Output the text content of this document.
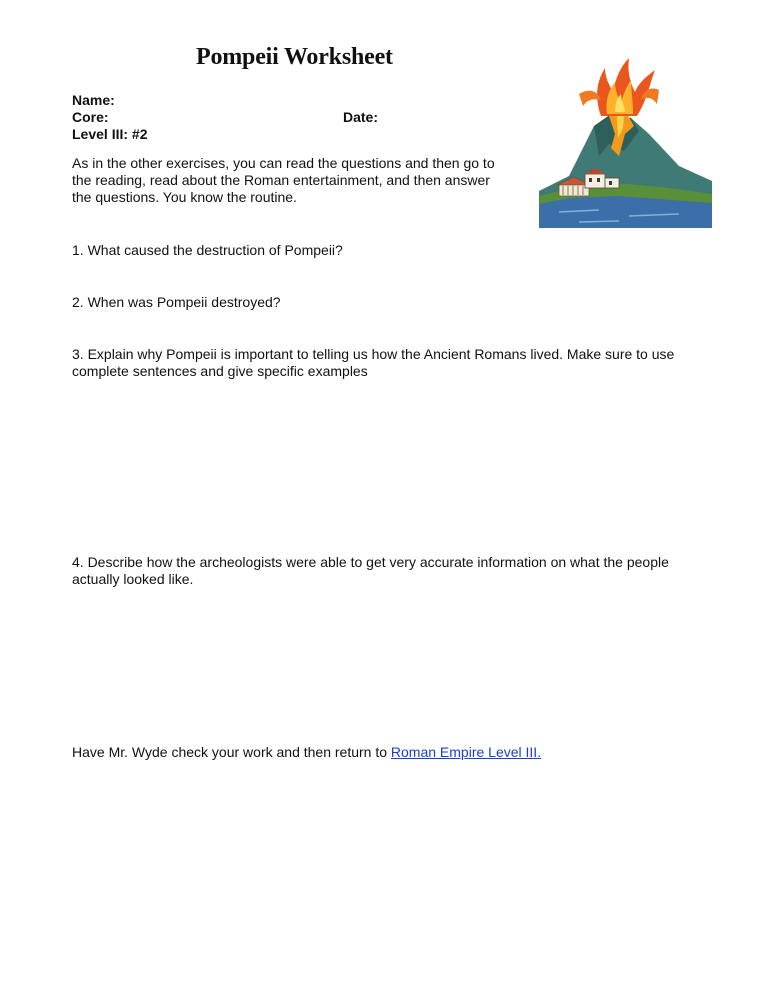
Pompeii Worksheet
Name:
Core:	Date:
Level III: #2
As in the other exercises, you can read the questions and then go to
the reading, read about the Roman entertainment, and then answer
the questions. You know the routine.
1. What caused the destruction of Pompeii?
2. When was Pompeii destroyed?
3. Explain why Pompeii is important to telling us how the Ancient Romans lived. Make sure to use
complete sentences and give specific examples
4. Describe how the archeologists were able to get very accurate information on what the people
actually looked like.
Have Mr. Wyde check your work and then return to Roman Empire Level III.
